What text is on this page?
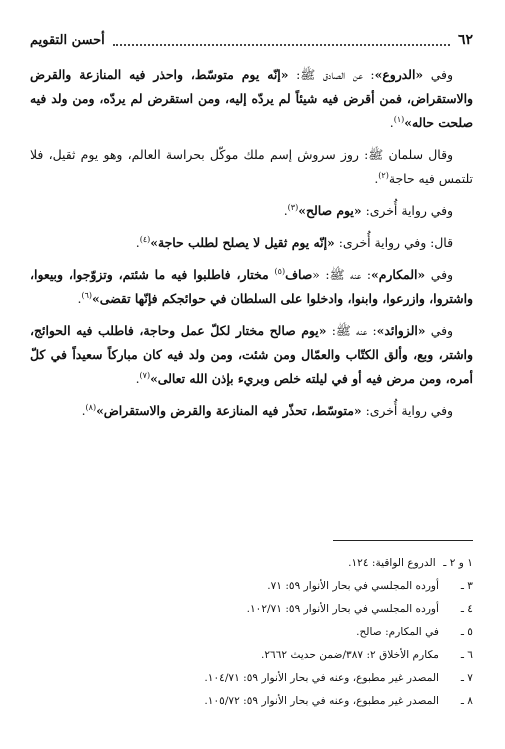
٦٢
أحسن التقويم

وفي «الدروع»: عن الصادق ﷺ: «إنّه يوم متوسّط، واحذر فيه المنازعة والقرض والاستقراض، فمن أقرض فيه شيئاً لم يردّه إليه، ومن استقرض لم يردّه، ومن ولد فيه صلحت حاله»$^{(١)}$.

وقال سلمان ﷺ: روز سروش إسم ملك موكّل بحراسة العالم، وهو يوم ثقيل، فلا تلتمس فيه حاجة$^{(٢)}$.

وفي رواية أُخرى: «يوم صالح»$^{(٣)}$.

قال: وفي رواية أُخرى: «إنّه يوم ثقيل لا يصلح لطلب حاجة»$^{(٤)}$.

وفي «المكارم»: عنه ﷺ: «صاف$^{(٥)}$ مختار، فاطلبوا فيه ما شئتم، وتزوّجوا، وبيعوا، واشتروا، وازرعوا، وابنوا، وادخلوا على السلطان في حوائجكم فإنّها تقضى»$^{(٦)}$.

وفي «الزوائد»: عنه ﷺ: «يوم صالح مختار لكلّ عمل وحاجة، فاطلب فيه الحوائج، واشتر، وبع، وألق الكتّاب والعمّال ومن شئت، ومن ولد فيه كان مباركاً سعيداً في كلّ أمره، ومن مرض فيه أو في ليلته خلص وبريء بإذن الله تعالى»$^{(٧)}$.

وفي رواية أُخرى: «متوسّط، تحذّر فيه المنازعة والقرض والاستقراض»$^{(٨)}$.

١ و ٢ ـ الدروع الواقية: ١٢٤.
٣ ـأورده المجلسي في بحار الأنوار ٥٩: ٧١.
٤ ـأورده المجلسي في بحار الأنوار ٥٩: ١٠٢/٧١.
٥ ـفي المكارم: صالح.
٦ ـمكارم الأخلاق ٢: ٣٨٧/ضمن حديث ٢٦٦٢.
٧ ـالمصدر غير مطبوع، وعنه في بحار الأنوار ٥٩: ١٠٤/٧١.
٨ ـالمصدر غير مطبوع، وعنه في بحار الأنوار ٥٩: ١٠٥/٧٢.
